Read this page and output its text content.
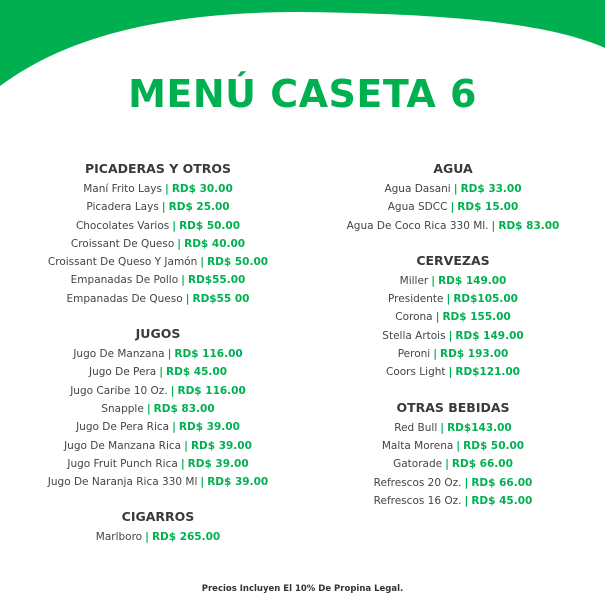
MENÚ CASETA 6
PICADERAS Y OTROS
Maní Frito Lays | RD$ 30.00
Picadera Lays | RD$ 25.00
Chocolates Varios | RD$ 50.00
Croissant De Queso | RD$ 40.00
Croissant De Queso Y Jamón | RD$ 50.00
Empanadas De Pollo | RD$55.00
Empanadas De Queso | RD$55 00
JUGOS
Jugo De Manzana | RD$ 116.00
Jugo De Pera | RD$ 45.00
Jugo Caribe 10 Oz. | RD$ 116.00
Snapple | RD$ 83.00
Jugo De Pera Rica | RD$ 39.00
Jugo De Manzana Rica | RD$ 39.00
Jugo Fruit Punch Rica | RD$ 39.00
Jugo De Naranja Rica 330 Ml | RD$ 39.00
CIGARROS
Marlboro | RD$ 265.00
AGUA
Agua Dasani | RD$ 33.00
Agua SDCC | RD$ 15.00
Agua De Coco Rica 330 Ml. | RD$ 83.00
CERVEZAS
Miller | RD$ 149.00
Presidente | RD$105.00
Corona | RD$ 155.00
Stella Artois | RD$ 149.00
Peroni | RD$ 193.00
Coors Light | RD$121.00
OTRAS BEBIDAS
Red Bull | RD$143.00
Malta Morena | RD$ 50.00
Gatorade | RD$ 66.00
Refrescos 20 Oz. | RD$ 66.00
Refrescos 16 Oz. | RD$ 45.00
Precios Incluyen El 10% De Propina Legal.
